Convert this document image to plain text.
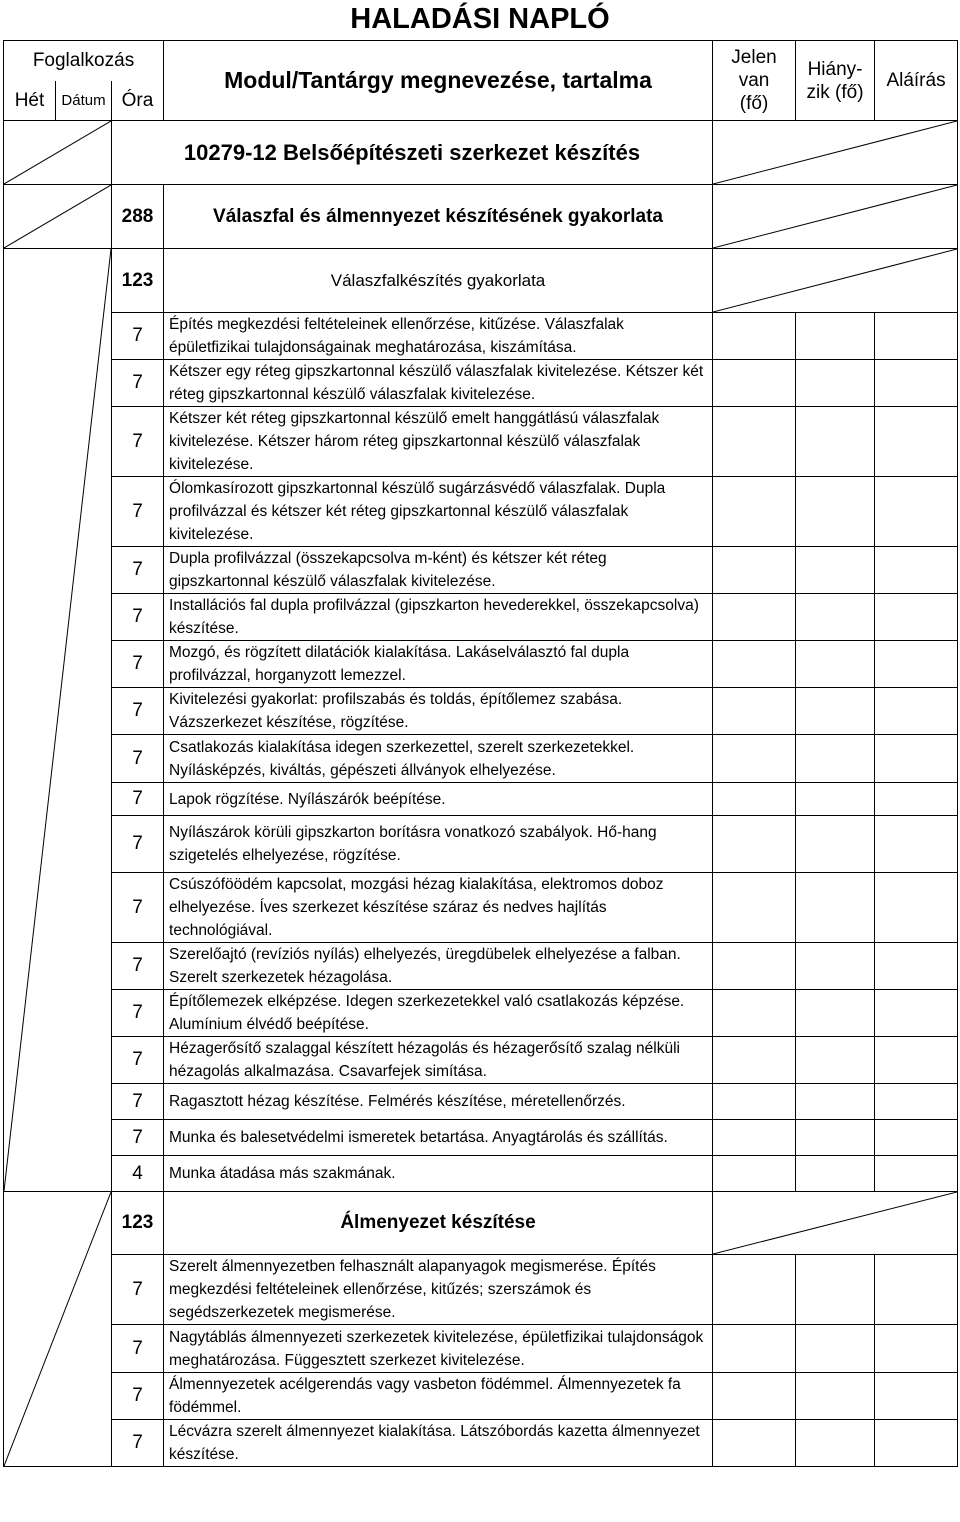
HALADÁSI NAPLÓ
Foglalkozás			Modul/Tantárgy megnevezése, tartalma	Jelen van (fő)	Hiány-zik (fő)	Aláírás
Hét	Dátum	Óra				

	10279-12 Belsőépítészeti szerkezet készítés	

	288	Válaszfal és álmennyezet készítésének gyakorlata	

	123	Válaszfalkészítés gyakorlata	

		7	Építés megkezdési feltételeinek ellenőrzése, kitűzése. Válaszfalak épületfizikai tulajdonságainak meghatározása, kiszámítása.			
		7	Kétszer egy réteg gipszkartonnal készülő válaszfalak kivitelezése. Kétszer két réteg gipszkartonnal készülő válaszfalak kivitelezése.			
		7	Kétszer két réteg gipszkartonnal készülő emelt hanggátlású válaszfalak kivitelezése. Kétszer három réteg gipszkartonnal készülő válaszfalak kivitelezése.			
		7	Ólomkasírozott gipszkartonnal készülő sugárzásvédő válaszfalak. Dupla profilvázzal és kétszer két réteg gipszkartonnal készülő válaszfalak kivitelezése.			
		7	Dupla profilvázzal (összekapcsolva m-ként) és kétszer két réteg gipszkartonnal készülő válaszfalak kivitelezése.			
		7	Installációs fal dupla profilvázzal (gipszkarton hevederekkel, összekapcsolva) készítése.			
		7	Mozgó, és rögzített dilatációk kialakítása. Lakáselválasztó fal dupla profilvázzal, horganyzott lemezzel.			
		7	Kivitelezési gyakorlat: profilszabás és toldás, építőlemez szabása. Vázszerkezet készítése, rögzítése.			
		7	Csatlakozás kialakítása idegen szerkezettel, szerelt szerkezetekkel. Nyílásképzés, kiváltás, gépészeti állványok elhelyezése.			
		7	Lapok rögzítése. Nyílászárók beépítése.			
		7	Nyílászárok körüli gipszkarton borításra vonatkozó szabályok. Hő-hang szigetelés elhelyezése, rögzítése.			
		7	Csúszóföödém kapcsolat, mozgási hézag kialakítása, elektromos doboz elhelyezése. Íves szerkezet készítése száraz és nedves hajlítás technológiával.			
		7	Szerelőajtó (revíziós nyílás) elhelyezés, üregdübelek elhelyezése a falban. Szerelt szerkezetek hézagolása.			
		7	Építőlemezek elképzése. Idegen szerkezetekkel való csatlakozás képzése. Alumínium élvédő beépítése.			
		7	Hézagerősítő szalaggal készített hézagolás és hézagerősítő szalag nélküli hézagolás alkalmazása. Csavarfejek simítása.			
		7	Ragasztott hézag készítése. Felmérés készítése, méretellenőrzés.			
		7	Munka és balesetvédelmi ismeretek betartása. Anyagtárolás és szállítás.			
		4	Munka átadása más szakmának.			

	123	Álmenyezet készítése	

		7	Szerelt álmennyezetben felhasznált alapanyagok megismerése. Építés megkezdési feltételeinek ellenőrzése, kitűzés; szerszámok és segédszerkezetek megismerése.			
		7	Nagytáblás álmennyezeti szerkezetek kivitelezése, épületfizikai tulajdonságok meghatározása. Függesztett szerkezet kivitelezése.			
		7	Álmennyezetek acélgerendás vagy vasbeton födémmel. Álmennyezetek fa födémmel.			
		7	Lécvázra szerelt álmennyezet kialakítása. Látszóbordás kazetta álmennyezet készítése.			
